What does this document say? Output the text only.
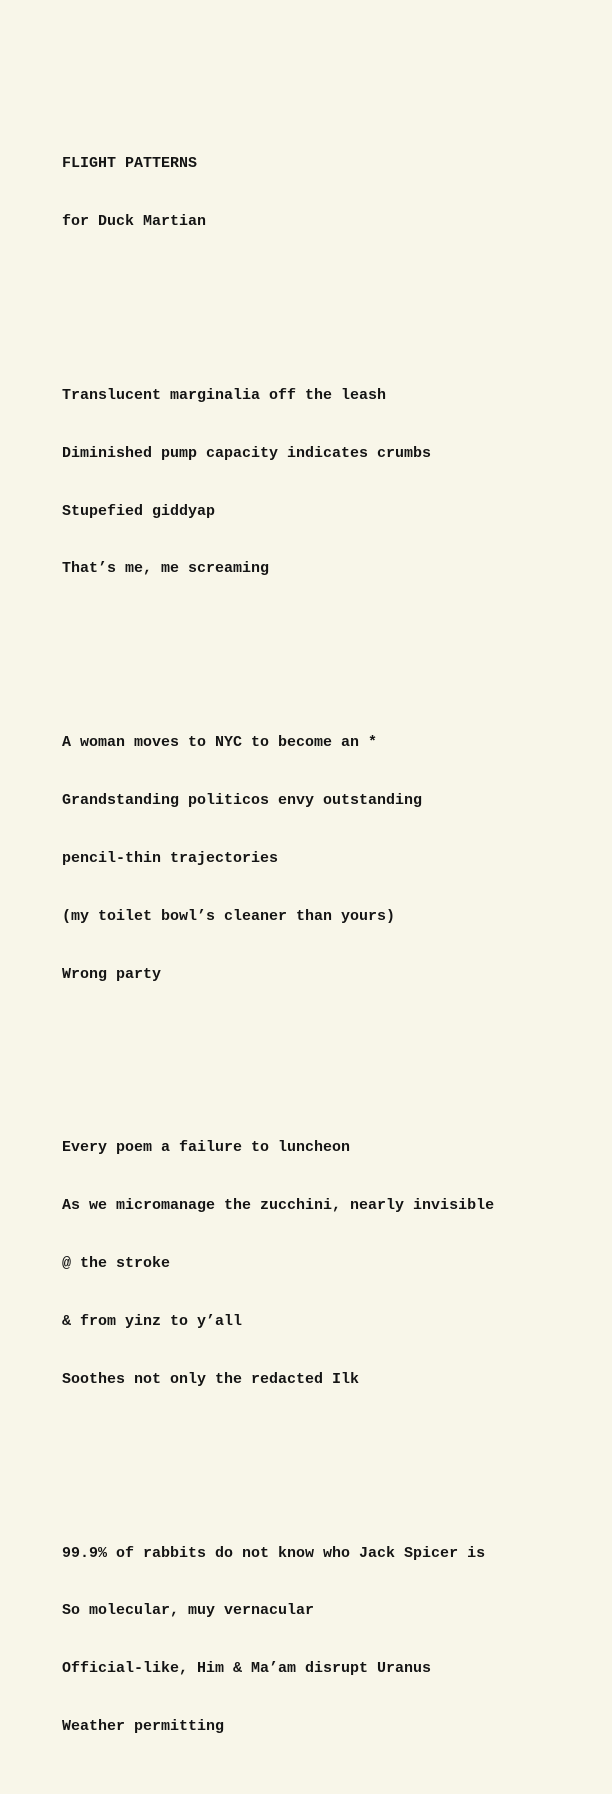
FLIGHT PATTERNS

for Duck Martian

Translucent marginalia off the leash

Diminished pump capacity indicates crumbs

Stupefied giddyap

That’s me, me screaming

A woman moves to NYC to become an *

Grandstanding politicos envy outstanding

pencil-thin trajectories

(my toilet bowl’s cleaner than yours)

Wrong party

Every poem a failure to luncheon

As we micromanage the zucchini, nearly invisible

@ the stroke

& from yinz to y’all

Soothes not only the redacted Ilk

99.9% of rabbits do not know who Jack Spicer is

So molecular, muy vernacular

Official-like, Him & Ma’am disrupt Uranus

Weather permitting
